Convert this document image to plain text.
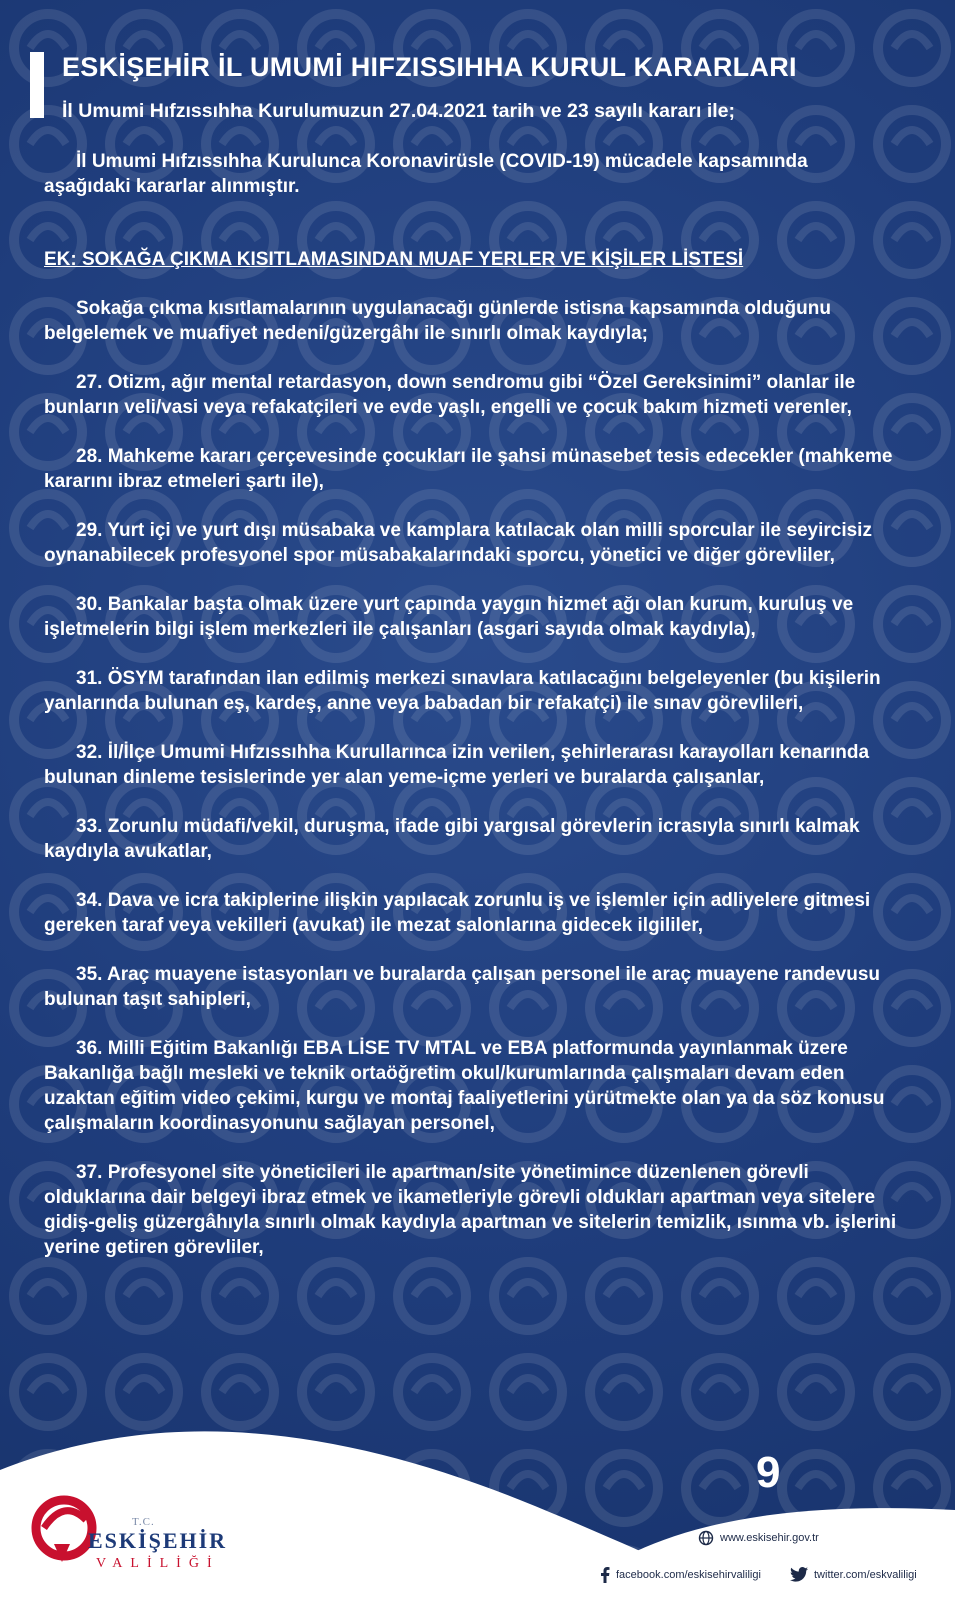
ESKİŞEHİR İL UMUMİ HIFZISSIHHA KURUL KARARLARI
İl Umumi Hıfzıssıhha Kurulumuzun 27.04.2021 tarih ve 23 sayılı kararı ile;

İl Umumi Hıfzıssıhha Kurulunca Koronavirüsle (COVID-19) mücadele kapsamında aşağıdaki kararlar alınmıştır.

EK: SOKAĞA ÇIKMA KISITLAMASINDAN MUAF YERLER VE KİŞİLER LİSTESİ

Sokağa çıkma kısıtlamalarının uygulanacağı günlerde istisna kapsamında olduğunu belgelemek ve muafiyet nedeni/güzergâhı ile sınırlı olmak kaydıyla;

27. Otizm, ağır mental retardasyon, down sendromu gibi “Özel Gereksinimi” olanlar ile bunların veli/vasi veya refakatçileri ve evde yaşlı, engelli ve çocuk bakım hizmeti verenler,

28. Mahkeme kararı çerçevesinde çocukları ile şahsi münasebet tesis edecekler (mahkeme kararını ibraz etmeleri şartı ile),

29. Yurt içi ve yurt dışı müsabaka ve kamplara katılacak olan milli sporcular ile seyircisiz oynanabilecek profesyonel spor müsabakalarındaki sporcu, yönetici ve diğer görevliler,

30. Bankalar başta olmak üzere yurt çapında yaygın hizmet ağı olan kurum, kuruluş ve işletmelerin bilgi işlem merkezleri ile çalışanları (asgari sayıda olmak kaydıyla),

31. ÖSYM tarafından ilan edilmiş merkezi sınavlara katılacağını belgeleyenler (bu kişilerin yanlarında bulunan eş, kardeş, anne veya babadan bir refakatçi) ile sınav görevlileri,

32. İl/İlçe Umumi Hıfzıssıhha Kurullarınca izin verilen, şehirlerarası karayolları kenarında bulunan dinleme tesislerinde yer alan yeme-içme yerleri ve buralarda çalışanlar,

33. Zorunlu müdafi/vekil, duruşma, ifade gibi yargısal görevlerin icrasıyla sınırlı kalmak kaydıyla avukatlar,

34. Dava ve icra takiplerine ilişkin yapılacak zorunlu iş ve işlemler için adliyelere gitmesi gereken taraf veya vekilleri (avukat) ile mezat salonlarına gidecek ilgililer,

35. Araç muayene istasyonları ve buralarda çalışan personel ile araç muayene randevusu bulunan taşıt sahipleri,

36. Milli Eğitim Bakanlığı EBA LİSE TV MTAL ve EBA platformunda yayınlanmak üzere Bakanlığa bağlı mesleki ve teknik ortaöğretim okul/kurumlarında çalışmaları devam eden uzaktan eğitim video çekimi, kurgu ve montaj faaliyetlerini yürütmekte olan ya da söz konusu çalışmaların koordinasyonunu sağlayan personel,

37. Profesyonel site yöneticileri ile apartman/site yönetimince düzenlenen görevli olduklarına dair belgeyi ibraz etmek ve ikametleriyle görevli oldukları apartman veya sitelere gidiş-geliş güzergâhıyla sınırlı olmak kaydıyla apartman ve sitelerin temizlik, ısınma vb. işlerini yerine getiren görevliler,

9
T.C.
ESKİŞEHİR
VALİLİĞİ
www.eskisehir.gov.tr
facebook.com/eskisehirvaliligi	twitter.com/eskvaliligi
